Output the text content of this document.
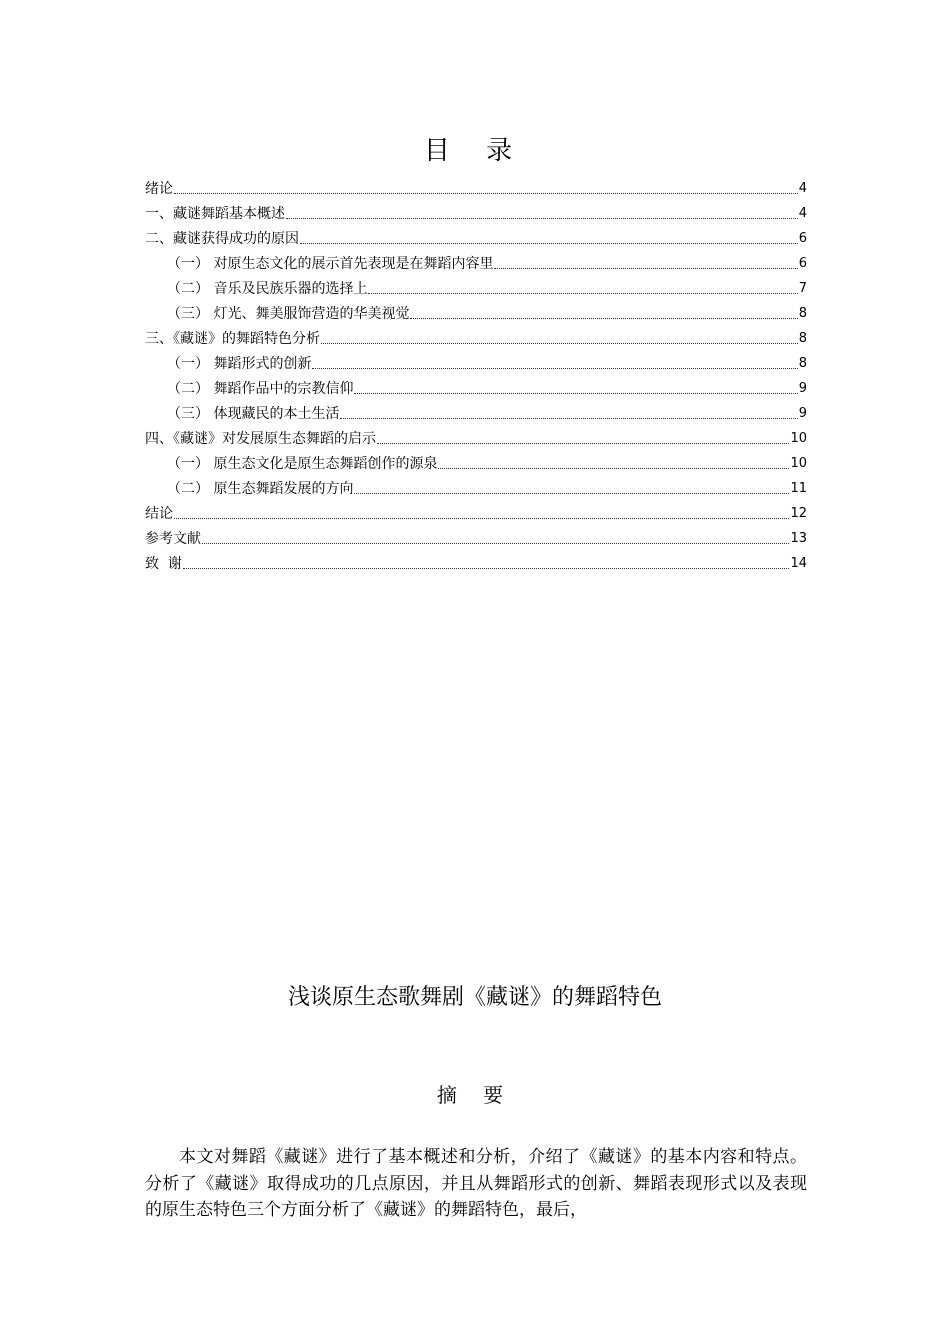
目 录
绪论	4
一、藏谜舞蹈基本概述	4
二、藏谜获得成功的原因	6
（一） 对原生态文化的展示首先表现是在舞蹈内容里	6
（二） 音乐及民族乐器的选择上	7
（三） 灯光、舞美服饰营造的华美视觉	8
三、《藏谜》的舞蹈特色分析	8
（一） 舞蹈形式的创新	8
（二） 舞蹈作品中的宗教信仰	9
（三） 体现藏民的本土生活	9
四、《藏谜》对发展原生态舞蹈的启示	10
（一） 原生态文化是原生态舞蹈创作的源泉	10
（二） 原生态舞蹈发展的方向	11
结论	12
参考文献	13
致  谢	14
浅谈原生态歌舞剧《藏谜》的舞蹈特色
摘 要

本文对舞蹈《藏谜》进行了基本概述和分析，介绍了《藏谜》的基本内容和特点。分析了《藏谜》取得成功的几点原因，并且从舞蹈形式的创新、舞蹈表现形式以及表现的原生态特色三个方面分析了《藏谜》的舞蹈特色，最后，
